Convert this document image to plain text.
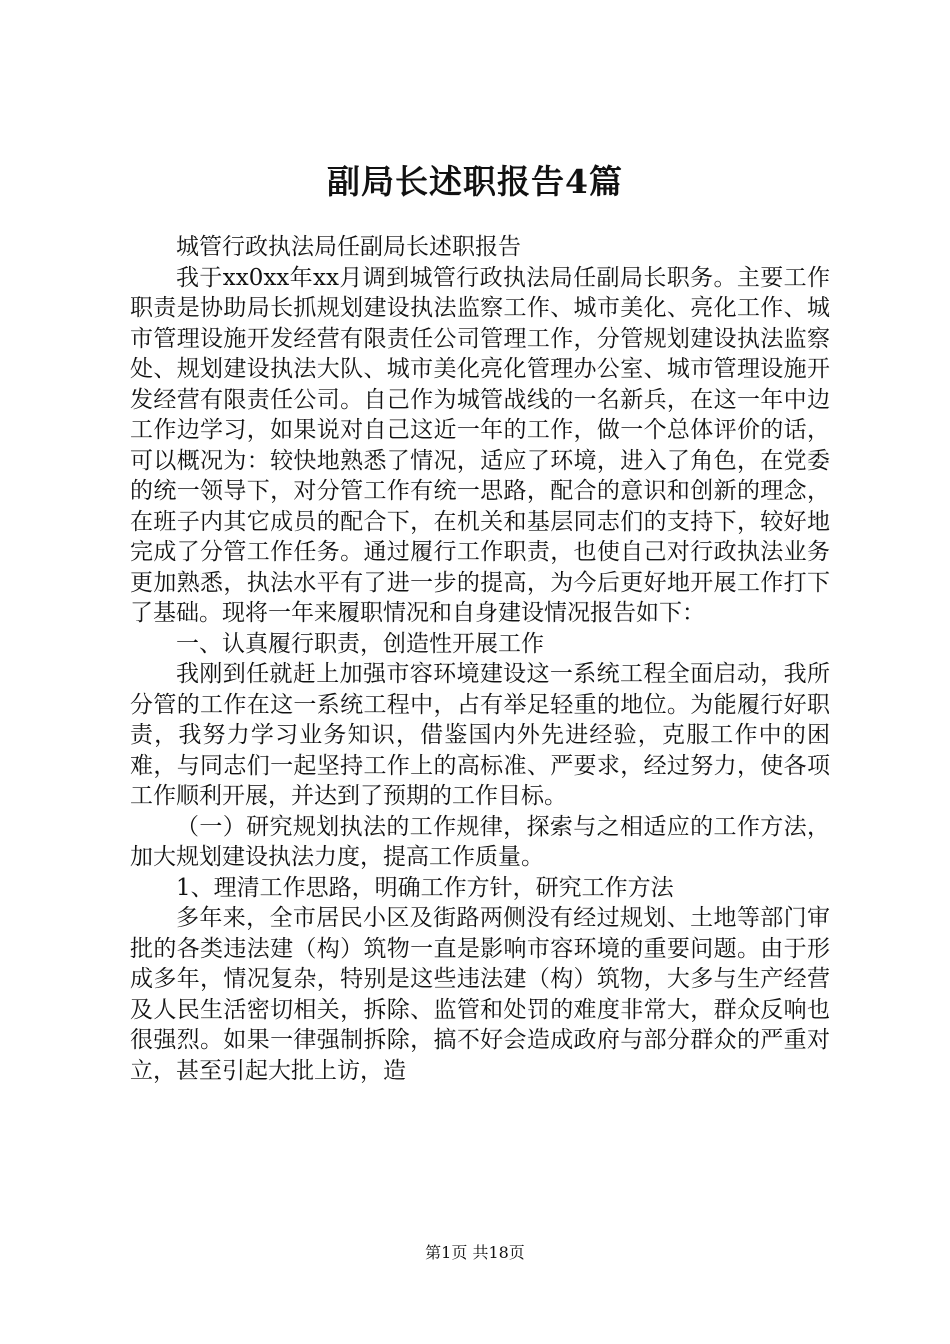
副局长述职报告4篇

城管行政执法局任副局长述职报告

我于xx0xx年xx月调到城管行政执法局任副局长职务。主要工作职责是协助局长抓规划建设执法监察工作、城市美化、亮化工作、城市管理设施开发经营有限责任公司管理工作，分管规划建设执法监察处、规划建设执法大队、城市美化亮化管理办公室、城市管理设施开发经营有限责任公司。自己作为城管战线的一名新兵，在这一年中边工作边学习，如果说对自己这近一年的工作，做一个总体评价的话，可以概况为：较快地熟悉了情况，适应了环境，进入了角色，在党委的统一领导下，对分管工作有统一思路，配合的意识和创新的理念，在班子内其它成员的配合下，在机关和基层同志们的支持下，较好地完成了分管工作任务。通过履行工作职责，也使自己对行政执法业务更加熟悉，执法水平有了进一步的提高，为今后更好地开展工作打下了基础。现将一年来履职情况和自身建设情况报告如下：

一、认真履行职责，创造性开展工作

我刚到任就赶上加强市容环境建设这一系统工程全面启动，我所分管的工作在这一系统工程中，占有举足轻重的地位。为能履行好职责，我努力学习业务知识，借鉴国内外先进经验，克服工作中的困难，与同志们一起坚持工作上的高标准、严要求，经过努力，使各项工作顺利开展，并达到了预期的工作目标。

（一）研究规划执法的工作规律，探索与之相适应的工作方法，加大规划建设执法力度，提高工作质量。

1、理清工作思路，明确工作方针，研究工作方法

多年来，全市居民小区及街路两侧没有经过规划、土地等部门审批的各类违法建（构）筑物一直是影响市容环境的重要问题。由于形成多年，情况复杂，特别是这些违法建（构）筑物，大多与生产经营及人民生活密切相关，拆除、监管和处罚的难度非常大，群众反响也很强烈。如果一律强制拆除，搞不好会造成政府与部分群众的严重对立，甚至引起大批上访，造

第1页 共18页
